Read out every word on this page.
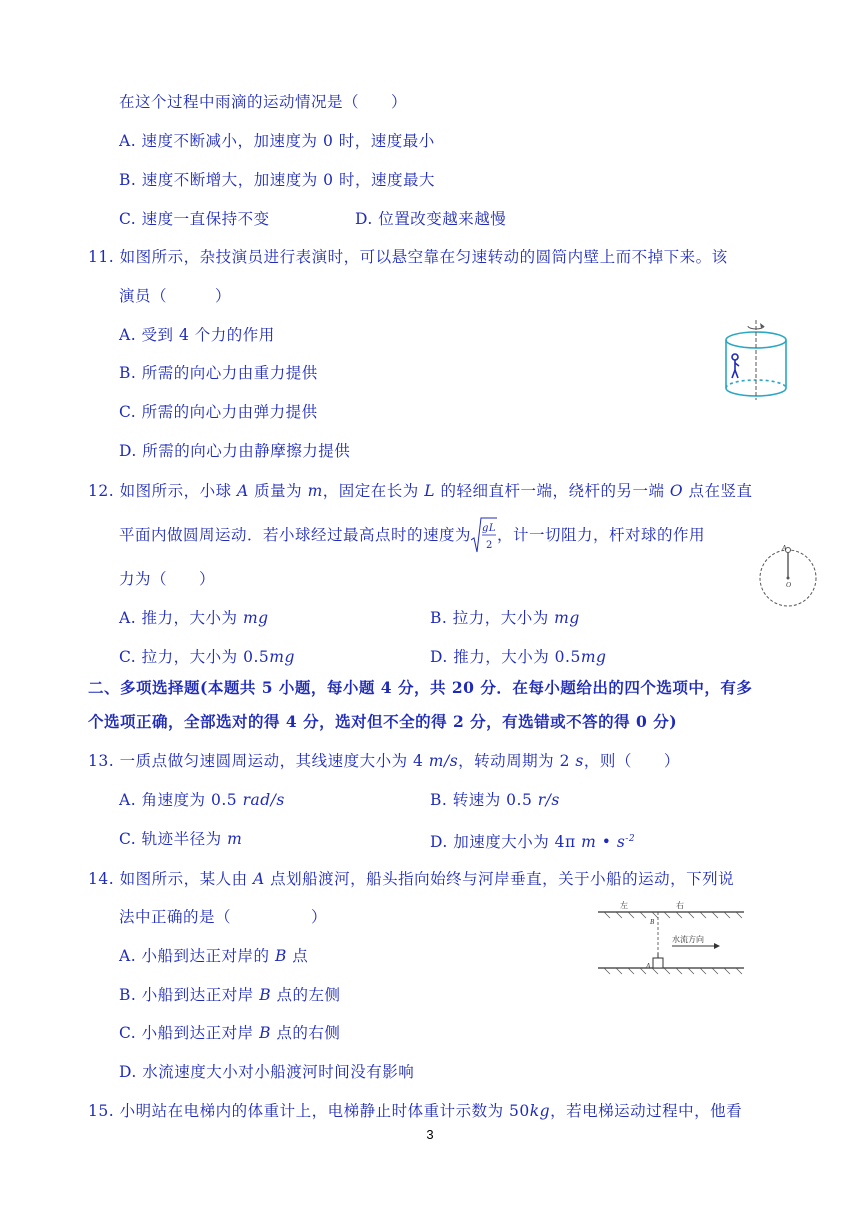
在这个过程中雨滴的运动情况是（　　）
A. 速度不断减小，加速度为 0 时，速度最小
B. 速度不断增大，加速度为 0 时，速度最大
C. 速度一直保持不变	D. 位置改变越来越慢
11. 如图所示，杂技演员进行表演时，可以悬空靠在匀速转动的圆筒内壁上而不掉下来。该
演员（　　　）
A. 受到 4 个力的作用
B. 所需的向心力由重力提供
C. 所需的向心力由弹力提供
D. 所需的向心力由静摩擦力提供
12. 如图所示，小球 A 质量为 m，固定在长为 L 的轻细直杆一端，绕杆的另一端 O 点在竖直
平面内做圆周运动．若小球经过最高点时的速度为 gL
2
，计一切阻力，杆对球的作用
力为（　　）
A. 推力，大小为 mg	B. 拉力，大小为 mg
C. 拉力，大小为 0.5mg	D. 推力，大小为 0.5mg
A
O
二、多项选择题(本题共 5 小题，每小题 4 分，共 20 分．在每小题给出的四个选项中，有多
个选项正确，全部选对的得 4 分，选对但不全的得 2 分，有选错或不答的得 0 分)
13. 一质点做匀速圆周运动，其线速度大小为 4 m/s，转动周期为 2 s，则（　　）
A. 角速度为 0.5 rad/s	B. 转速为 0.5 r/s
C. 轨迹半径为 m	D. 加速度大小为 4π m • $s^{-2}$
14. 如图所示，某人由 A 点划船渡河，船头指向始终与河岸垂直，关于小船的运动，下列说
法中正确的是（　　　　　）
A. 小船到达正对岸的 B 点
B. 小船到达正对岸 B 点的左侧
C. 小船到达正对岸 B 点的右侧
D. 水流速度大小对小船渡河时间没有影响
左	右
B
A
水流方向
15. 小明站在电梯内的体重计上，电梯静止时体重计示数为 50kg，若电梯运动过程中，他看
3
